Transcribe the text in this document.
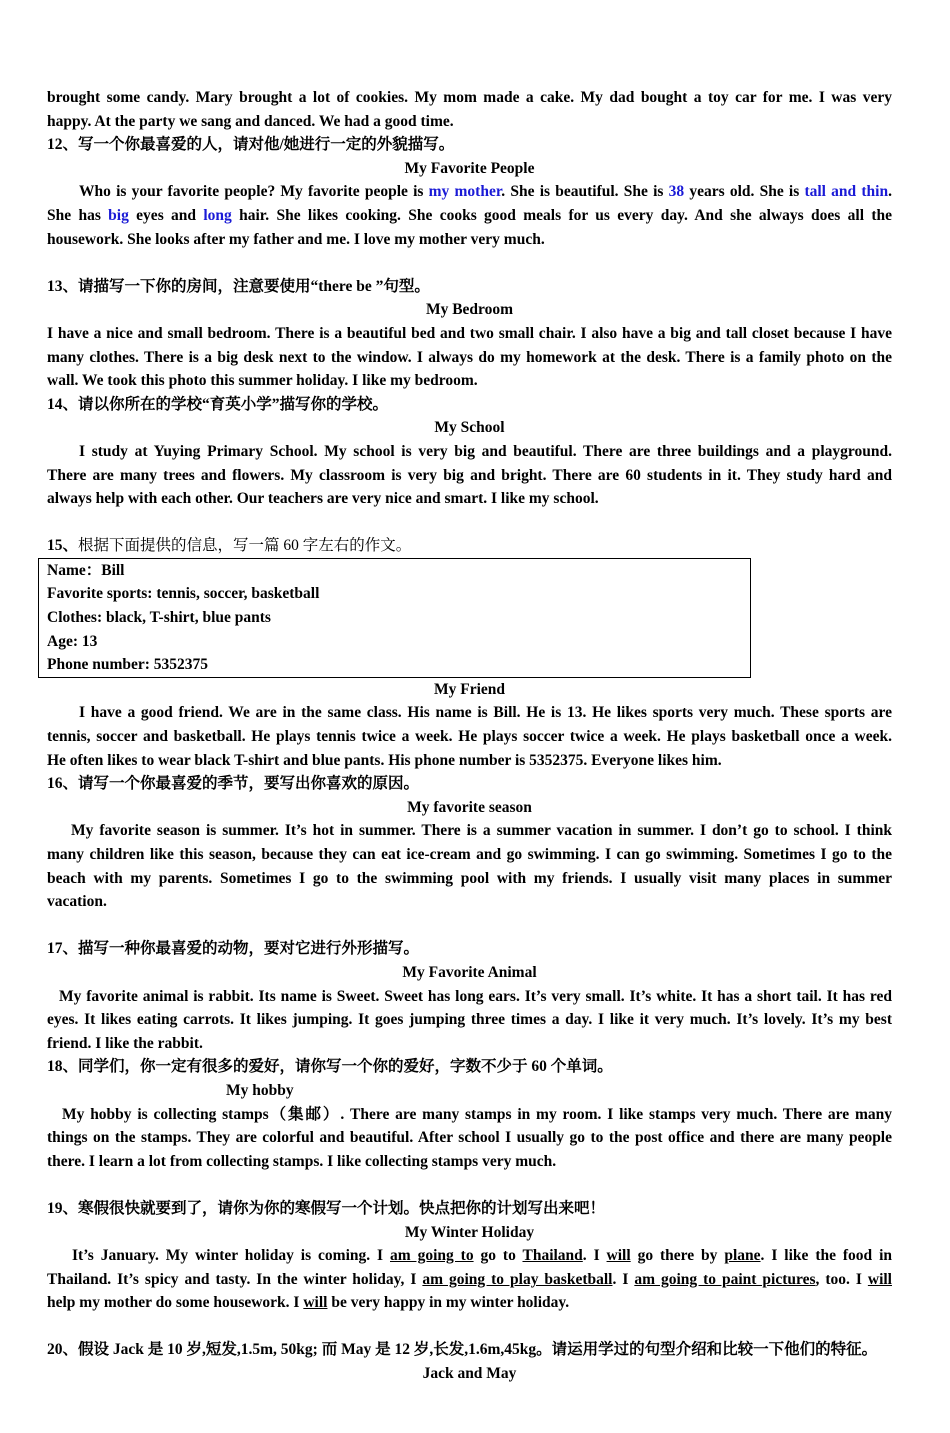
brought some candy. Mary brought a lot of cookies. My mom made a cake. My dad bought a toy car for me. I was very

happy. At the party we sang and danced. We had a good time.

12、写一个你最喜爱的人，请对他/她进行一定的外貌描写。

My Favorite People

Who is your favorite people? My favorite people is my mother. She is beautiful. She is 38 years old. She is tall and thin.

She has big eyes and long hair. She likes cooking. She cooks good meals for us every day. And she always does all the

housework. She looks after my father and me. I love my mother very much.

13、请描写一下你的房间，注意要使用“there be ”句型。

My Bedroom

I have a nice and small bedroom. There is a beautiful bed and two small chair. I also have a big and tall closet because I have

many clothes. There is a big desk next to the window. I always do my homework at the desk. There is a family photo on the

wall. We took this photo this summer holiday. I like my bedroom.

14、请以你所在的学校“育英小学”描写你的学校。

My School

I study at Yuying Primary School. My school is very big and beautiful. There are three buildings and a playground.

There are many trees and flowers. My classroom is very big and bright. There are 60 students in it. They study hard and

always help with each other. Our teachers are very nice and smart. I like my school.

15、根据下面提供的信息，写一篇 60 字左右的作文。

Name：Bill

Favorite sports: tennis, soccer, basketball

Clothes: black, T-shirt, blue pants

Age: 13

Phone number: 5352375

My Friend

I have a good friend. We are in the same class. His name is Bill. He is 13. He likes sports very much. These sports are

tennis, soccer and basketball. He plays tennis twice a week. He plays soccer twice a week. He plays basketball once a week.

He often likes to wear black T-shirt and blue pants. His phone number is 5352375. Everyone likes him.

16、请写一个你最喜爱的季节，要写出你喜欢的原因。

My favorite season

My favorite season is summer. It’s hot in summer. There is a summer vacation in summer. I don’t go to school. I think

many children like this season, because they can eat ice-cream and go swimming. I can go swimming. Sometimes I go to the

beach with my parents. Sometimes I go to the swimming pool with my friends. I usually visit many places in summer

vacation.

17、描写一种你最喜爱的动物，要对它进行外形描写。

My Favorite Animal

My favorite animal is rabbit. Its name is Sweet. Sweet has long ears. It’s very small. It’s white. It has a short tail. It has red

eyes. It likes eating carrots. It likes jumping. It goes jumping three times a day. I like it very much. It’s lovely. It’s my best

friend. I like the rabbit.

18、同学们，你一定有很多的爱好，请你写一个你的爱好，字数不少于 60 个单词。

My hobby

My hobby is collecting stamps（集邮）. There are many stamps in my room. I like stamps very much. There are many

things on the stamps. They are colorful and beautiful. After school I usually go to the post office and there are many people

there. I learn a lot from collecting stamps. I like collecting stamps very much.

19、寒假很快就要到了，请你为你的寒假写一个计划。快点把你的计划写出来吧！

My Winter Holiday

It’s January. My winter holiday is coming. I am going to go to Thailand. I will go there by plane. I like the food in

Thailand. It’s spicy and tasty. In the winter holiday, I am going to play basketball. I am going to paint pictures, too. I will

help my mother do some housework. I will be very happy in my winter holiday.

20、假设 Jack 是 10 岁,短发,1.5m, 50kg; 而 May 是 12 岁,长发,1.6m,45kg。请运用学过的句型介绍和比较一下他们的特征。

Jack and May
